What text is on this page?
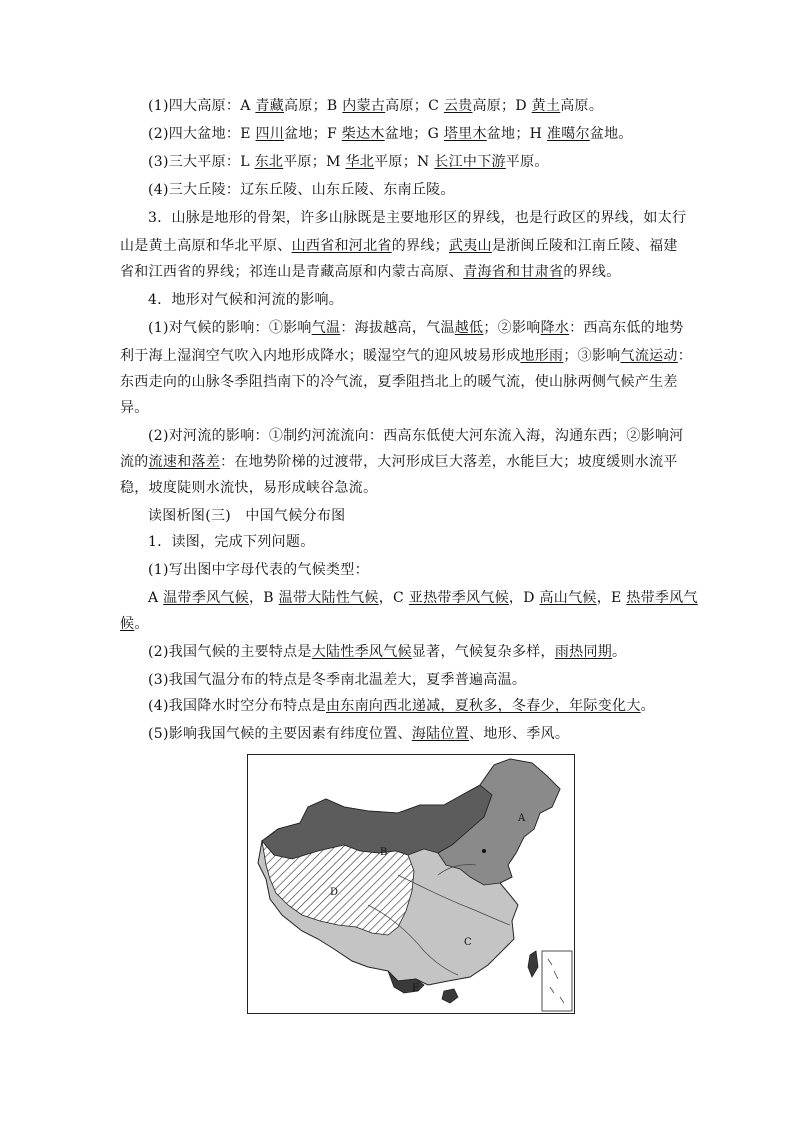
(1)四大高原：A 青藏高原；B 内蒙古高原；C 云贵高原；D 黄土高原。
(2)四大盆地：E 四川盆地；F 柴达木盆地；G 塔里木盆地；H 准噶尔盆地。
(3)三大平原：L 东北平原；M 华北平原；N 长江中下游平原。
(4)三大丘陵：辽东丘陵、山东丘陵、东南丘陵。
3．山脉是地形的骨架，许多山脉既是主要地形区的界线，也是行政区的界线，如太行
山是黄土高原和华北平原、山西省和河北省的界线；武夷山是浙闽丘陵和江南丘陵、福建
省和江西省的界线；祁连山是青藏高原和内蒙古高原、青海省和甘肃省的界线。
4．地形对气候和河流的影响。
(1)对气候的影响：①影响气温：海拔越高，气温越低；②影响降水：西高东低的地势
利于海上湿润空气吹入内地形成降水；暖湿空气的迎风坡易形成地形雨；③影响气流运动：
东西走向的山脉冬季阻挡南下的冷气流，夏季阻挡北上的暖气流，使山脉两侧气候产生差
异。
(2)对河流的影响：①制约河流流向：西高东低使大河东流入海，沟通东西；②影响河
流的流速和落差：在地势阶梯的过渡带，大河形成巨大落差，水能巨大；坡度缓则水流平
稳，坡度陡则水流快，易形成峡谷急流。
读图析图(三)　中国气候分布图
1．读图，完成下列问题。
(1)写出图中字母代表的气候类型：
A 温带季风气候，B 温带大陆性气候，C 亚热带季风气候，D 高山气候，E 热带季风气
候。
(2)我国气候的主要特点是大陆性季风气候显著，气候复杂多样，雨热同期。
(3)我国气温分布的特点是冬季南北温差大，夏季普遍高温。
(4)我国降水时空分布特点是由东南向西北递减，夏秋多，冬春少，年际变化大。
(5)影响我国气候的主要因素有纬度位置、海陆位置、地形、季风。
A
B
C
D
E
